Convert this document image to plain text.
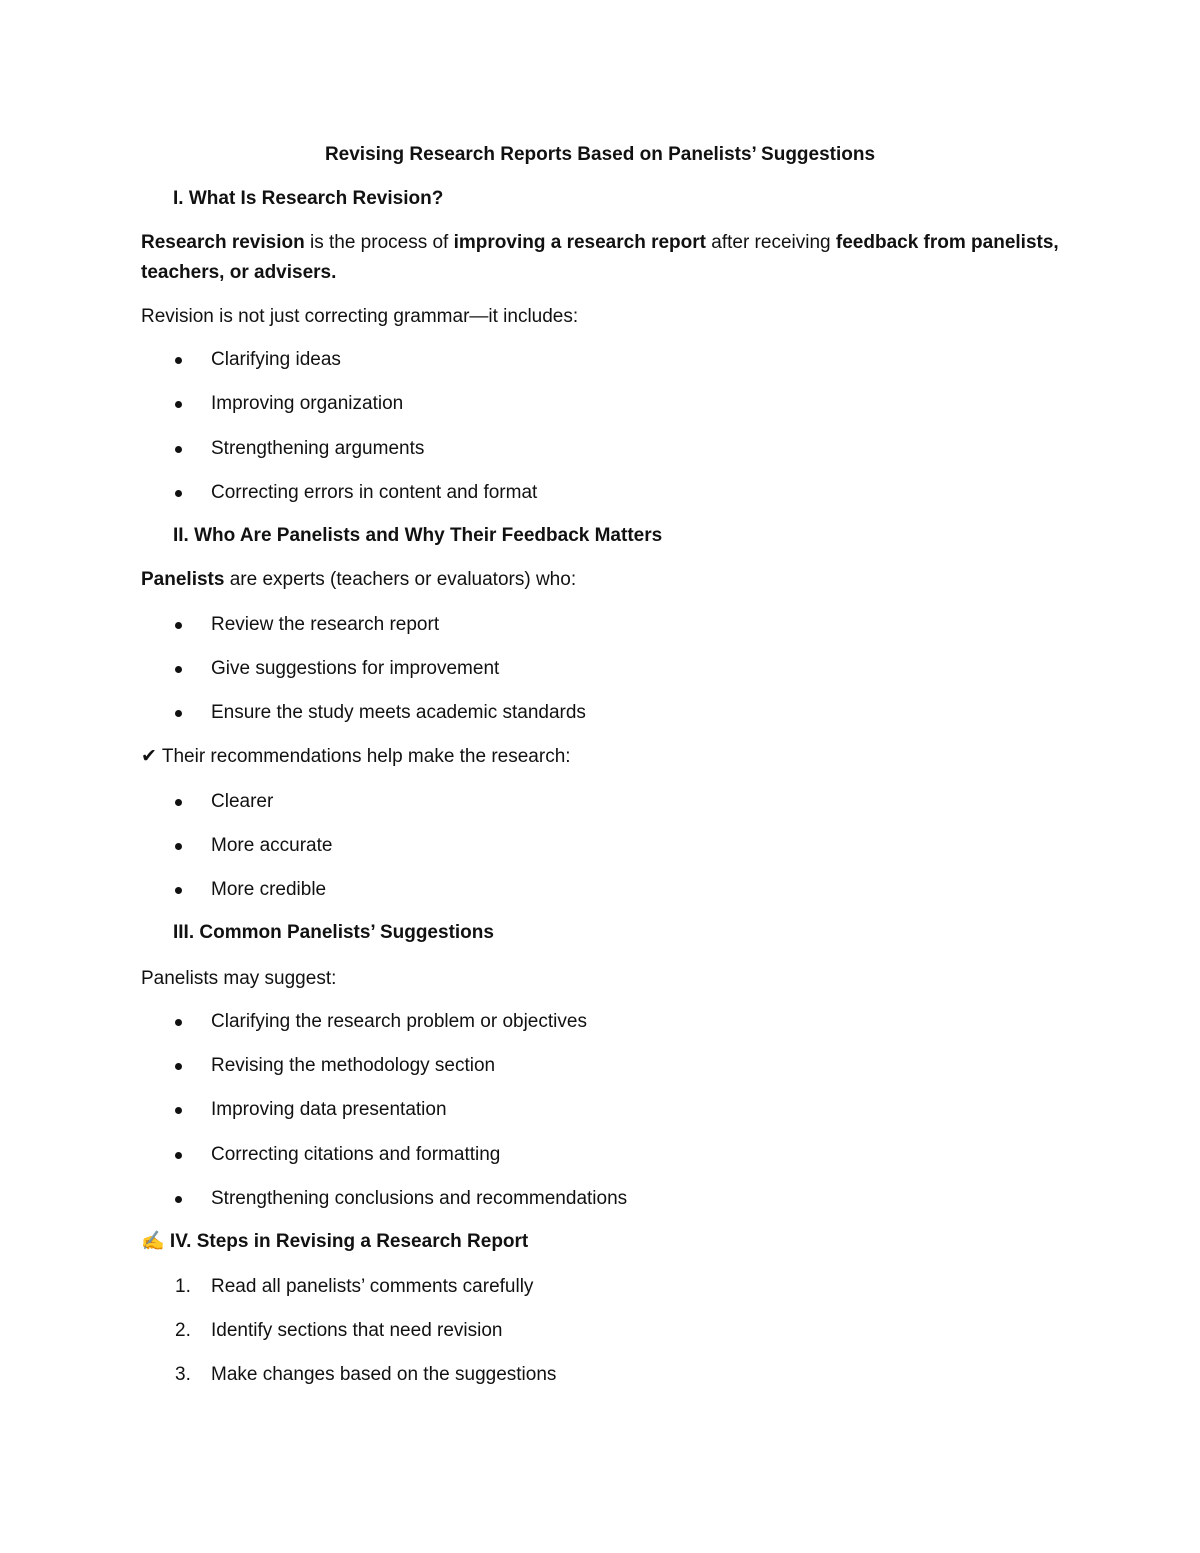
Revising Research Reports Based on Panelists’ Suggestions
I. What Is Research Revision?
Research revision is the process of improving a research report after receiving feedback from panelists, teachers, or advisers.
Revision is not just correcting grammar—it includes:
Clarifying ideas
Improving organization
Strengthening arguments
Correcting errors in content and format
II. Who Are Panelists and Why Their Feedback Matters
Panelists are experts (teachers or evaluators) who:
Review the research report
Give suggestions for improvement
Ensure the study meets academic standards
✔ Their recommendations help make the research:
Clearer
More accurate
More credible
III. Common Panelists’ Suggestions
Panelists may suggest:
Clarifying the research problem or objectives
Revising the methodology section
Improving data presentation
Correcting citations and formatting
Strengthening conclusions and recommendations
✍ IV. Steps in Revising a Research Report
1. Read all panelists’ comments carefully
2. Identify sections that need revision
3. Make changes based on the suggestions
